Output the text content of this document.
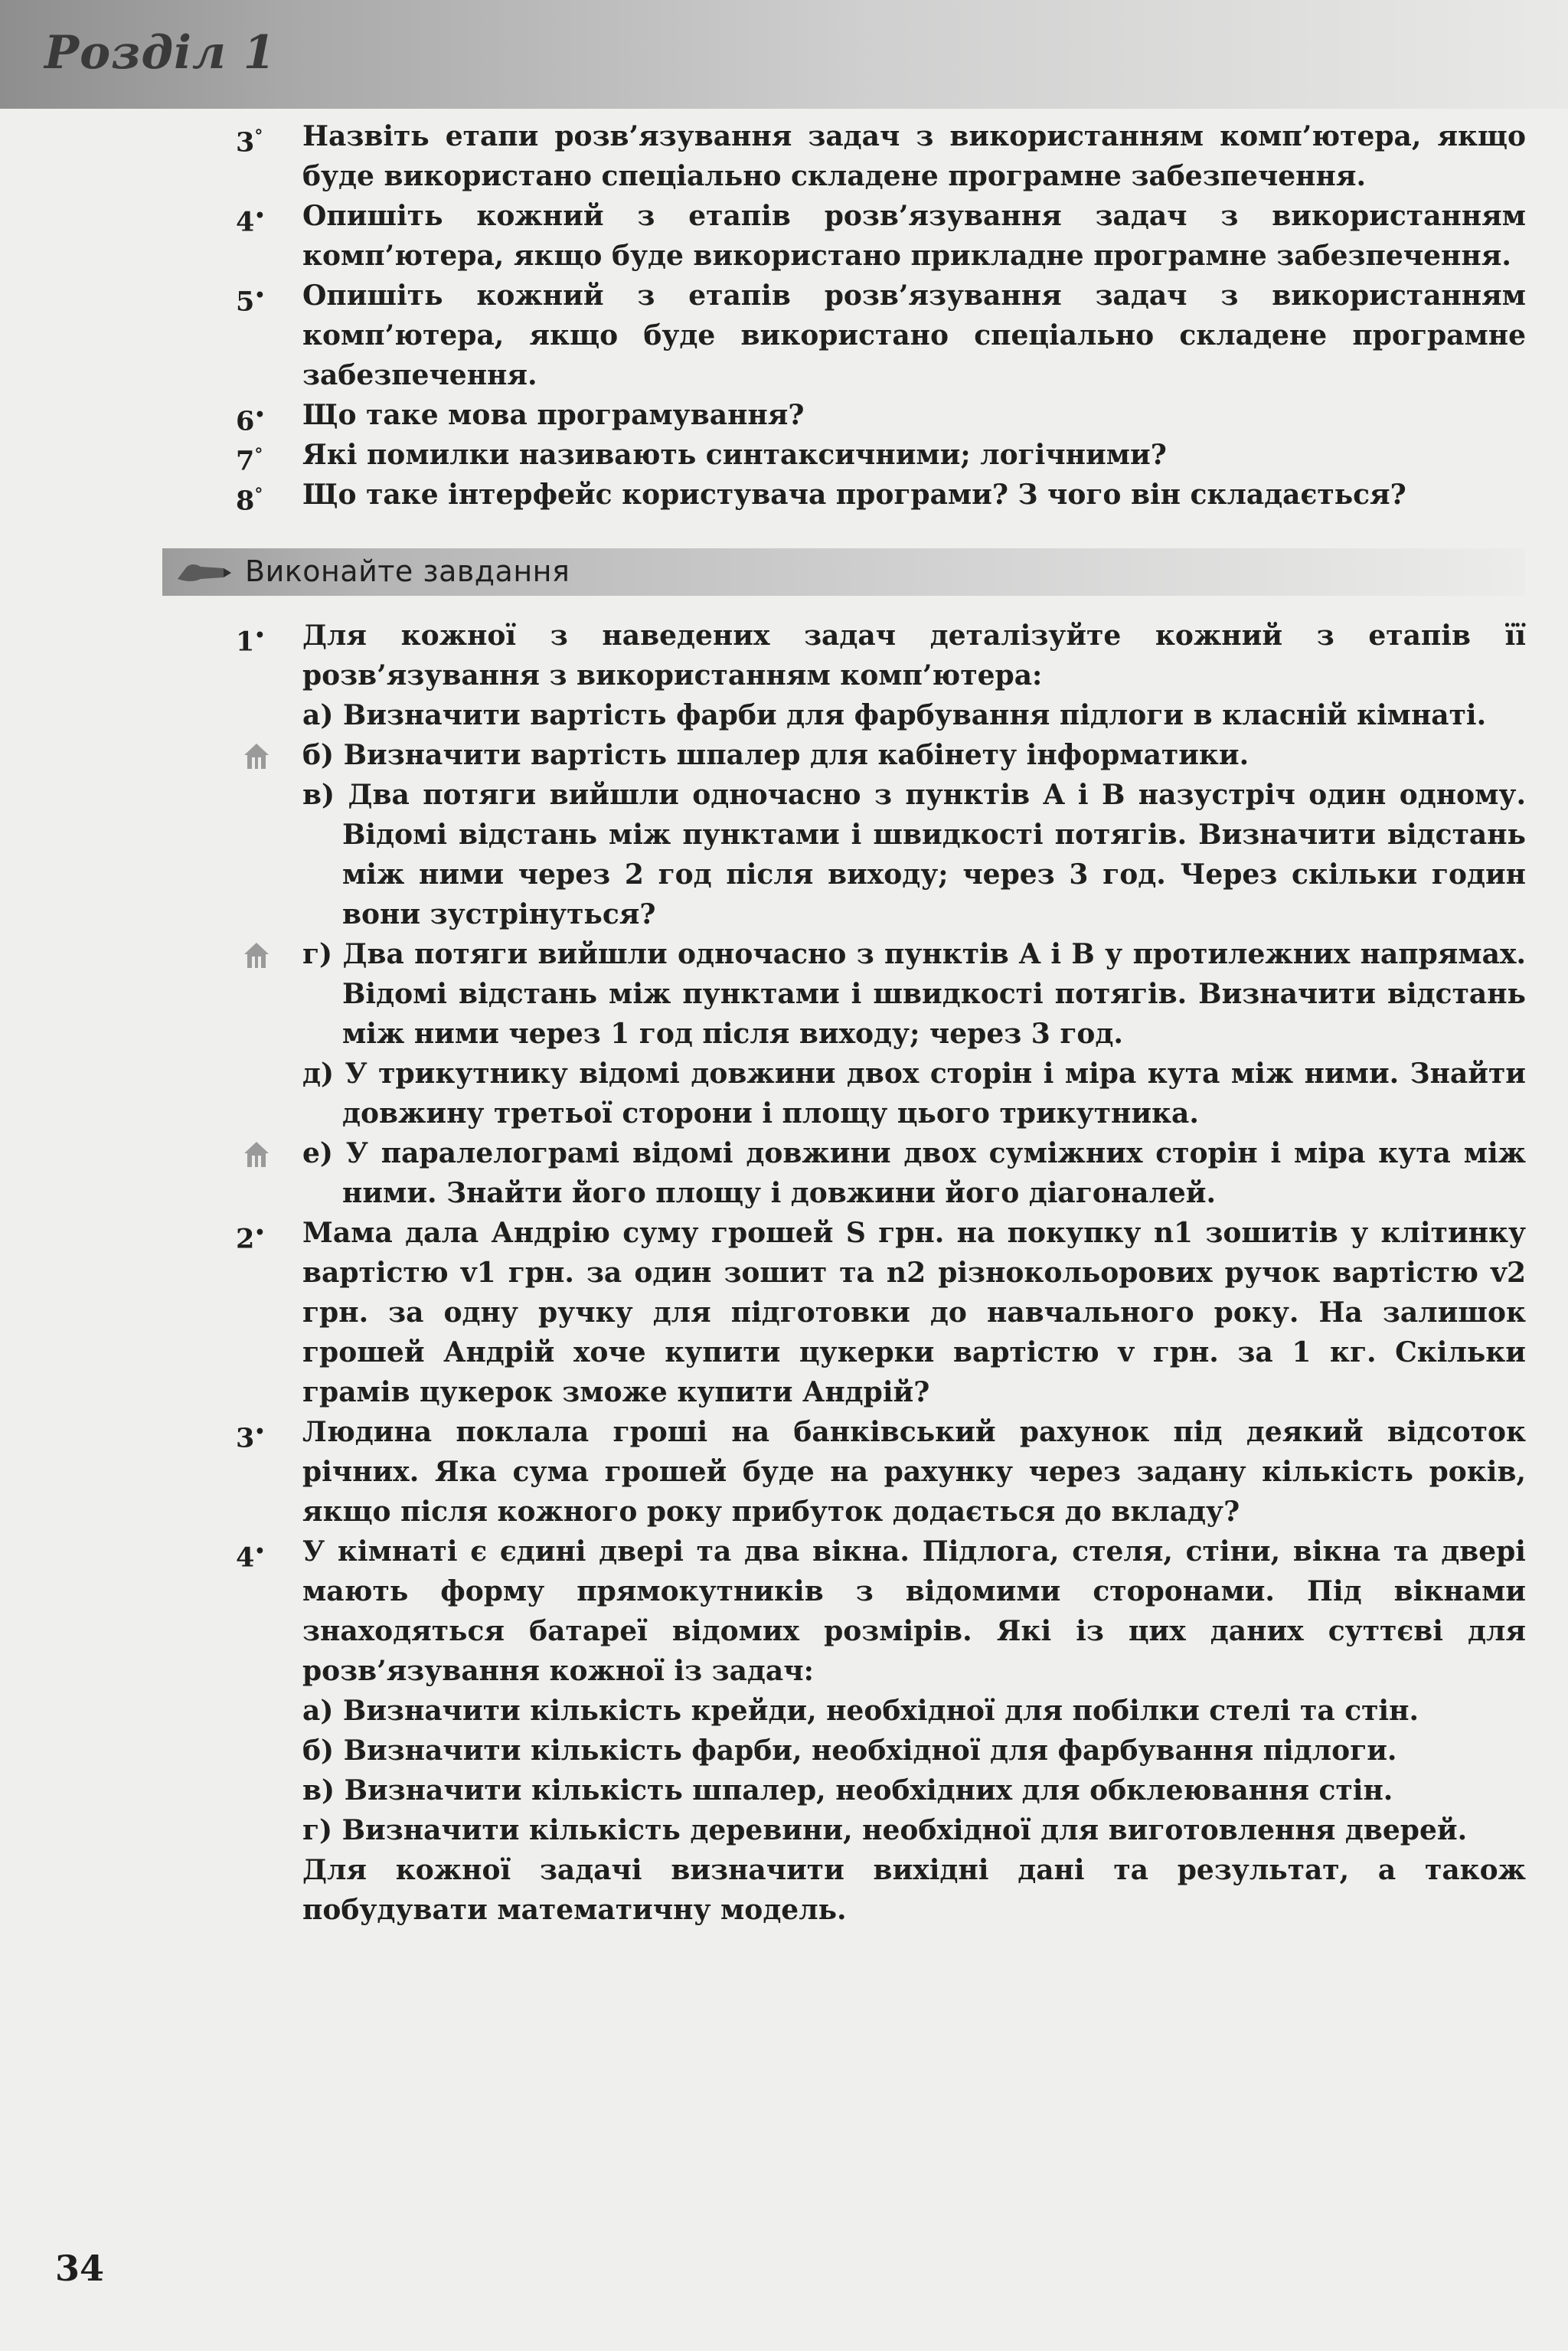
Розділ 1
3° Назвіть етапи розв’язування задач з використанням комп’ютера, якщо буде використано спеціально складене програмне забезпечення.

4• Опишіть кожний з етапів розв’язування задач з використанням комп’ютера, якщо буде використано прикладне програмне забезпечення.

5• Опишіть кожний з етапів розв’язування задач з використанням комп’ютера, якщо буде використано спеціально складене програмне забезпечення.

6• Що таке мова програмування?

7° Які помилки називають синтаксичними; логічними?

8° Що таке інтерфейс користувача програми? З чого він складається?

Виконайте завдання
1• Для кожної з наведених задач деталізуйте кожний з етапів її розв’язування з використанням комп’ютера:

а) Визначити вартість фарби для фарбування підлоги в класній кімнаті.

б) Визначити вартість шпалер для кабінету інформатики.

в) Два потяги вийшли одночасно з пунктів A і B назустріч один одному. Відомі відстань між пунктами і швидкості потягів. Визначити відстань між ними через 2 год після виходу; через 3 год. Через скільки годин вони зустрінуться?

г) Два потяги вийшли одночасно з пунктів A і B у протилежних напрямах. Відомі відстань між пунктами і швидкості потягів. Визначити відстань між ними через 1 год після виходу; через 3 год.

д) У трикутнику відомі довжини двох сторін і міра кута між ними. Знайти довжину третьої сторони і площу цього трикутника.

е) У паралелограмі відомі довжини двох суміжних сторін і міра кута між ними. Знайти його площу і довжини його діагоналей.

2• Мама дала Андрію суму грошей S грн. на покупку n1 зошитів у клітинку вартістю v1 грн. за один зошит та n2 різнокольорових ручок вартістю v2 грн. за одну ручку для підготовки до навчального року. На залишок грошей Андрій хоче купити цукерки вартістю v грн. за 1 кг. Скільки грамів цукерок зможе купити Андрій?

3• Людина поклала гроші на банківський рахунок під деякий відсоток річних. Яка сума грошей буде на рахунку через задану кількість років, якщо після кожного року прибуток додається до вкладу?

4• У кімнаті є єдині двері та два вікна. Підлога, стеля, стіни, вікна та двері мають форму прямокутників з відомими сторонами. Під вікнами знаходяться батареї відомих розмірів. Які із цих даних суттєві для розв’язування кожної із задач:

а) Визначити кількість крейди, необхідної для побілки стелі та стін.

б) Визначити кількість фарби, необхідної для фарбування підлоги.

в) Визначити кількість шпалер, необхідних для обклеювання стін.

г) Визначити кількість деревини, необхідної для виготовлення дверей.

Для кожної задачі визначити вихідні дані та результат, а також побудувати математичну модель.

34
